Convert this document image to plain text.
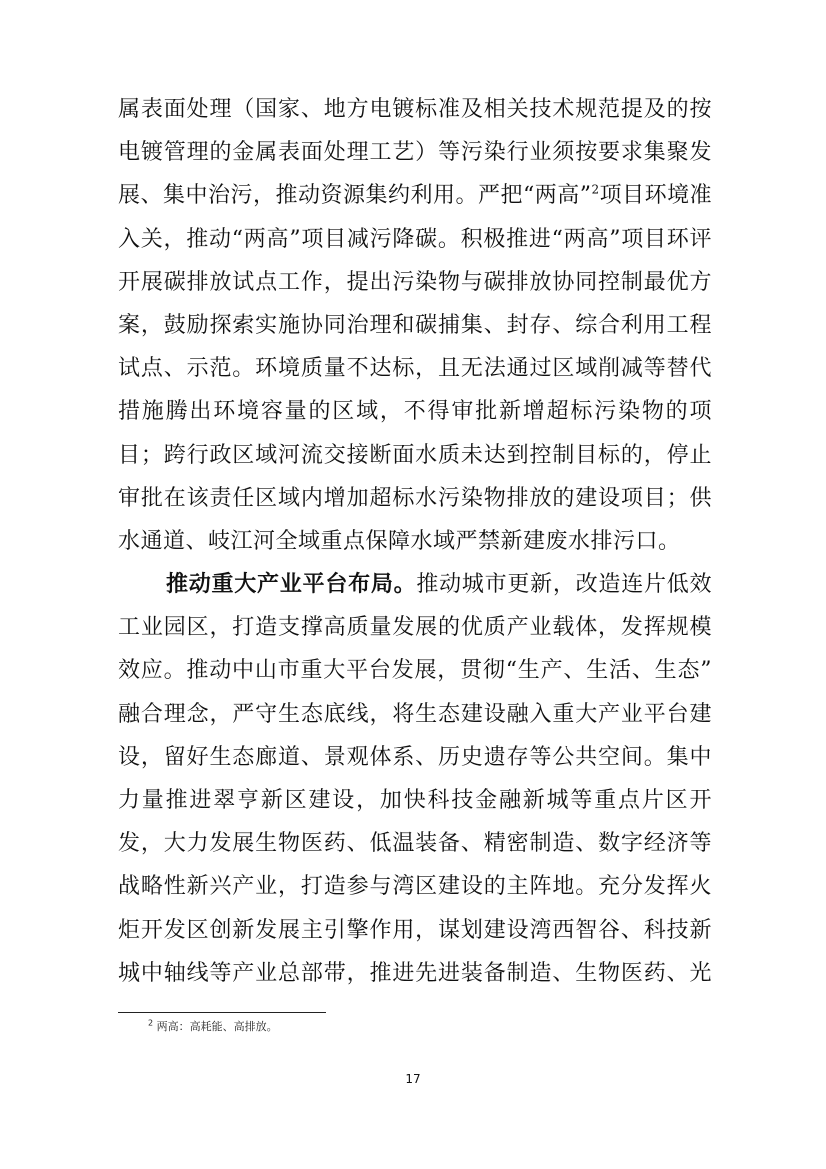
属表面处理（国家、地方电镀标准及相关技术规范提及的按
电镀管理的金属表面处理工艺）等污染行业须按要求集聚发
展、集中治污，推动资源集约利用。严把“两高”$^2$项目环境准
入关，推动“两高”项目减污降碳。积极推进“两高”项目环评
开展碳排放试点工作，提出污染物与碳排放协同控制最优方
案，鼓励探索实施协同治理和碳捕集、封存、综合利用工程
试点、示范。环境质量不达标，且无法通过区域削减等替代
措施腾出环境容量的区域，不得审批新增超标污染物的项
目；跨行政区域河流交接断面水质未达到控制目标的，停止
审批在该责任区域内增加超标水污染物排放的建设项目；供
水通道、岐江河全域重点保障水域严禁新建废水排污口。
推动重大产业平台布局。推动城市更新，改造连片低效
工业园区，打造支撑高质量发展的优质产业载体，发挥规模
效应。推动中山市重大平台发展，贯彻“生产、生活、生态”
融合理念，严守生态底线，将生态建设融入重大产业平台建
设，留好生态廊道、景观体系、历史遗存等公共空间。集中
力量推进翠亨新区建设，加快科技金融新城等重点片区开
发，大力发展生物医药、低温装备、精密制造、数字经济等
战略性新兴产业，打造参与湾区建设的主阵地。充分发挥火
炬开发区创新发展主引擎作用，谋划建设湾西智谷、科技新
城中轴线等产业总部带，推进先进装备制造、生物医药、光
$^2$ 两高：高耗能、高排放。
17
